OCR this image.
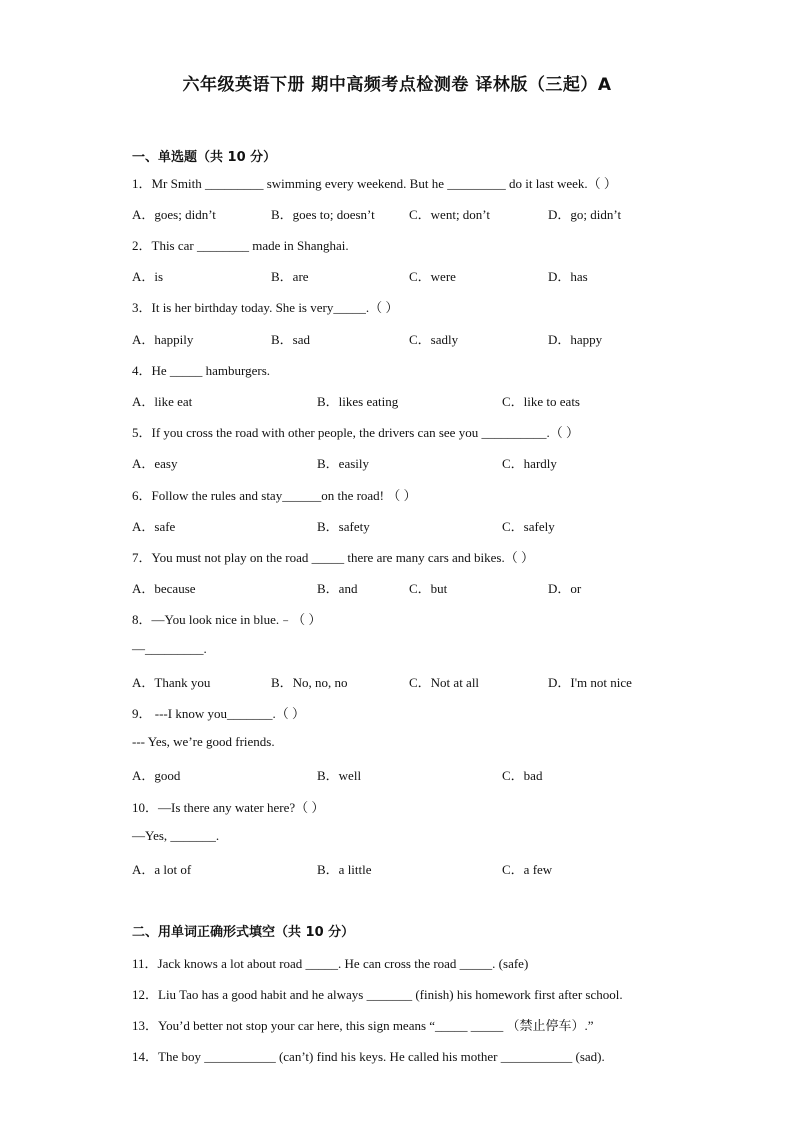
六年级英语下册 期中高频考点检测卷 译林版（三起）A
一、单选题（共 10 分）
1．Mr Smith _________ swimming every weekend. But he _________ do it last week.（ ）
A．goes; didn’t	B．goes to; doesn’t	C．went; don’t	D．go; didn’t
2．This car ________ made in Shanghai.
A．is	B．are	C．were	D．has
3．It is her birthday today. She is very_____.（ ）
A．happily	B．sad	C．sadly	D．happy
4．He _____ hamburgers.
A．like eat	B．likes eating	C．like to eats
5．If you cross the road with other people, the drivers can see you __________.（ ）
A．easy	B．easily	C．hardly
6．Follow the rules and stay______on the road! （ ）
A．safe	B．safety	C．safely
7．You must not play on the road _____ there are many cars and bikes.（ ）
A．because	B．and	C．but	D．or
8．—You look nice in blue.﹣（ ）
—_________.
A．Thank you	B．No, no, no	C．Not at all	D．I'm not nice
9． ---I know you_______.（ ）
--- Yes, we’re good friends.
A．good	B．well	C．bad
10．—Is there any water here?（ ）
—Yes, _______.
A．a lot of	B．a little	C．a few
二、用单词正确形式填空（共 10 分）
11．Jack knows a lot about road _____. He can cross the road _____. (safe)
12．Liu Tao has a good habit and he always _______ (finish) his homework first after school.
13．You’d better not stop your car here, this sign means “_____ _____ （禁止停车）.”
14．The boy ___________ (can’t) find his keys. He called his mother ___________ (sad).
